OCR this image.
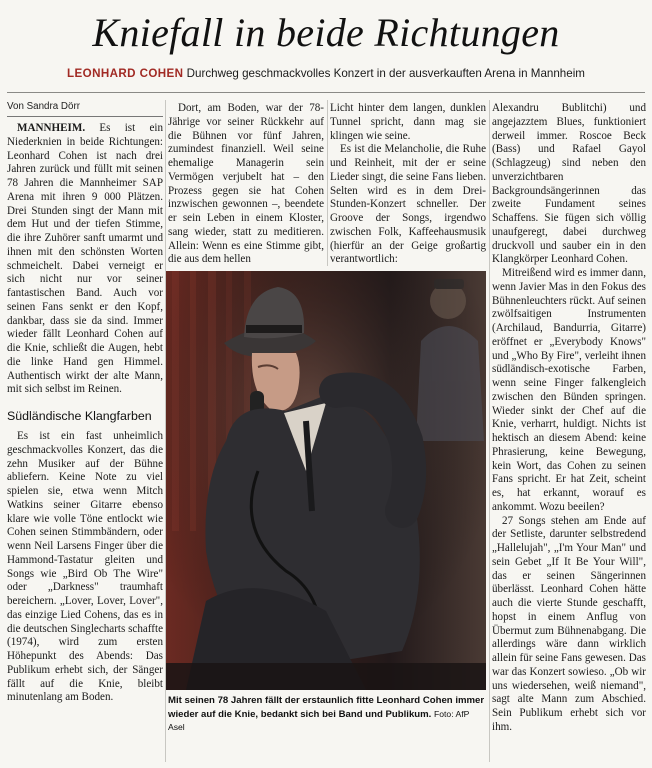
Kniefall in beide Richtungen
LEONHARD COHEN Durchweg geschmackvolles Konzert in der ausverkauften Arena in Mannheim
Von Sandra Dörr

MANNHEIM. Es ist ein Niederknien in beide Richtungen: Leonhard Cohen ist nach drei Jahren zurück und füllt mit seinen 78 Jahren die Mannheimer SAP Arena mit ihren 9 000 Plätzen. Drei Stunden singt der Mann mit dem Hut und der tiefen Stimme, die ihre Zuhörer sanft umarmt und ihnen mit den schönsten Worten schmeichelt. Dabei verneigt er sich nicht nur vor seiner fantastischen Band. Auch vor seinen Fans senkt er den Kopf, dankbar, dass sie da sind. Immer wieder fällt Leonhard Cohen auf die Knie, schließt die Augen, hebt die linke Hand gen Himmel. Authentisch wirkt der alte Mann, mit sich selbst im Reinen.

Südländische Klangfarben

Es ist ein fast unheimlich geschmackvolles Konzert, das die zehn Musiker auf der Bühne abliefern. Keine Note zu viel spielen sie, etwa wenn Mitch Watkins seiner Gitarre ebenso klare wie volle Töne entlockt wie Cohen seinen Stimmbändern, oder wenn Neil Larsens Finger über die Hammond-Tastatur gleiten und Songs wie „Bird Ob The Wire" oder „Darkness" traumhaft bereichern. „Lover, Lover, Lover", das einzige Lied Cohens, das es in die deutschen Singlecharts schaffte (1974), wird zum ersten Höhepunkt des Abends: Das Publikum erhebt sich, der Sänger fällt auf die Knie, bleibt minutenlang am Boden.

Dort, am Boden, war der 78-Jährige vor seiner Rückkehr auf die Bühnen vor fünf Jahren, zumindest finanziell. Weil seine ehemalige Managerin sein Vermögen verjubelt hat – den Prozess gegen sie hat Cohen inzwischen gewonnen –, beendete er sein Leben in einem Kloster, sang wieder, statt zu meditieren. Allein: Wenn es eine Stimme gibt, die aus dem hellen

Licht hinter dem langen, dunklen Tunnel spricht, dann mag sie klingen wie seine.

Es ist die Melancholie, die Ruhe und Reinheit, mit der er seine Lieder singt, die seine Fans lieben. Selten wird es in dem Drei-Stunden-Konzert schneller. Der Groove der Songs, irgendwo zwischen Folk, Kaffeehausmusik (hierfür an der Geige großartig verantwortlich:

Alexandru Bublitchi) und angejazztem Blues, funktioniert derweil immer. Roscoe Beck (Bass) und Rafael Gayol (Schlagzeug) sind neben den unverzichtbaren Backgroundsängerinnen das zweite Fundament seines Schaffens. Sie fügen sich völlig unaufgeregt, dabei durchweg druckvoll und sauber ein in den Klangkörper Leonhard Cohen.

Mitreißend wird es immer dann, wenn Javier Mas in den Fokus des Bühnenleuchters rückt. Auf seinen zwölfsaitigen Instrumenten (Archilaud, Bandurria, Gitarre) eröffnet er „Everybody Knows" und „Who By Fire", verleiht ihnen südländisch-exotische Farben, wenn seine Finger falkengleich zwischen den Bünden springen. Wieder sinkt der Chef auf die Knie, verharrt, huldigt. Nichts ist hektisch an diesem Abend: keine Phrasierung, keine Bewegung, kein Wort, das Cohen zu seinen Fans spricht. Er hat Zeit, scheint es, hat erkannt, worauf es ankommt. Wozu beeilen?

27 Songs stehen am Ende auf der Setliste, darunter selbstredend „Hallelujah", „I'm Your Man" und sein Gebet „If It Be Your Will", das er seinen Sängerinnen überlässt. Leonhard Cohen hätte auch die vierte Stunde geschafft, hopst in einem Anflug von Übermut zum Bühnenabgang. Die allerdings wäre dann wirklich allein für seine Fans gewesen. Das war das Konzert sowieso. „Ob wir uns wiedersehen, weiß niemand", sagt alte Mann zum Abschied. Sein Publikum erhebt sich vor ihm.

Mit seinen 78 Jahren fällt der erstaunlich fitte Leonhard Cohen immer wieder auf die Knie, bedankt sich bei Band und Publikum. Foto: AfP Asel
